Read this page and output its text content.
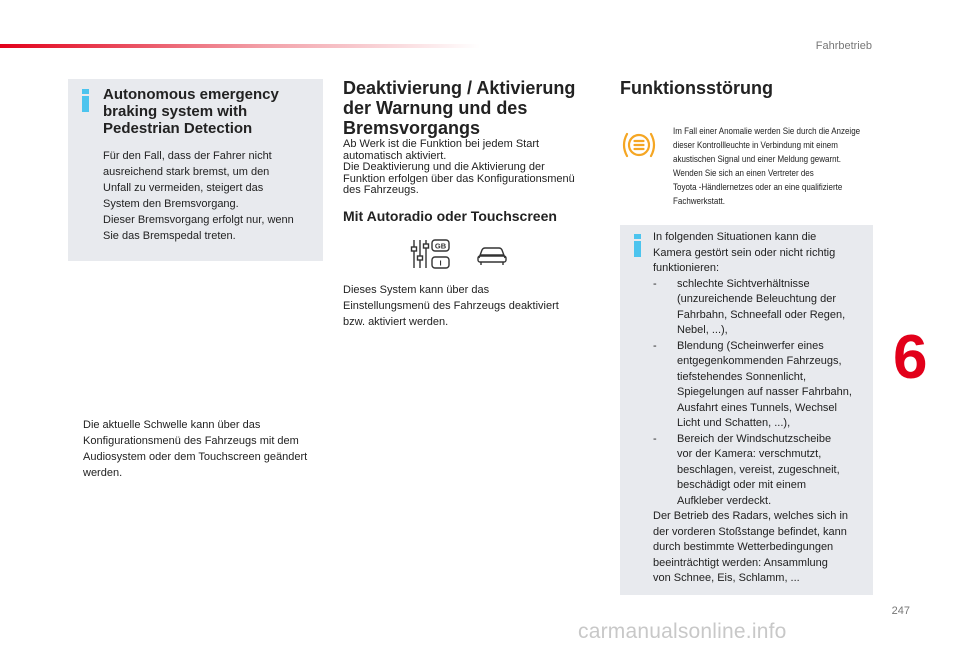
Fahrbetrieb
Autonomous emergency
braking system with
Pedestrian Detection
Für den Fall, dass der Fahrer nicht
ausreichend stark bremst, um den
Unfall zu vermeiden, steigert das
System den Bremsvorgang.
Dieser Bremsvorgang erfolgt nur, wenn
Sie das Bremspedal treten.
Die aktuelle Schwelle kann über das
Konfigurationsmenü des Fahrzeugs mit dem
Audiosystem oder dem Touchscreen geändert
werden.
Deaktivierung / Aktivierung
der Warnung und des
Bremsvorgangs
Ab Werk ist die Funktion bei jedem Start
automatisch aktiviert.
Die Deaktivierung und die Aktivierung der
Funktion erfolgen über das Konfigurationsmenü
des Fahrzeugs.
Mit Autoradio oder Touchscreen
GB
I
Dieses System kann über das
Einstellungsmenü des Fahrzeugs deaktiviert
bzw. aktiviert werden.
Funktionsstörung
Im Fall einer Anomalie werden Sie durch die Anzeige
dieser Kontrollleuchte in Verbindung mit einem
akustischen Signal und einer Meldung gewarnt.
Wenden Sie sich an einen Vertreter des
Toyota -Händlernetzes oder an eine qualifizierte
Fachwerkstatt.
In folgenden Situationen kann die
Kamera gestört sein oder nicht richtig
funktionieren:
- schlechte Sichtverhältnisse
(unzureichende Beleuchtung der
Fahrbahn, Schneefall oder Regen,
Nebel, ...),
- Blendung (Scheinwerfer eines
entgegenkommenden Fahrzeugs,
tiefstehendes Sonnenlicht,
Spiegelungen auf nasser Fahrbahn,
Ausfahrt eines Tunnels, Wechsel
Licht und Schatten, ...),
- Bereich der Windschutzscheibe
vor der Kamera: verschmutzt,
beschlagen, vereist, zugeschneit,
beschädigt oder mit einem
Aufkleber verdeckt.
Der Betrieb des Radars, welches sich in
der vorderen Stoßstange befindet, kann
durch bestimmte Wetterbedingungen
beeinträchtigt werden: Ansammlung
von Schnee, Eis, Schlamm, ...
6
247
carmanualsonline.info
